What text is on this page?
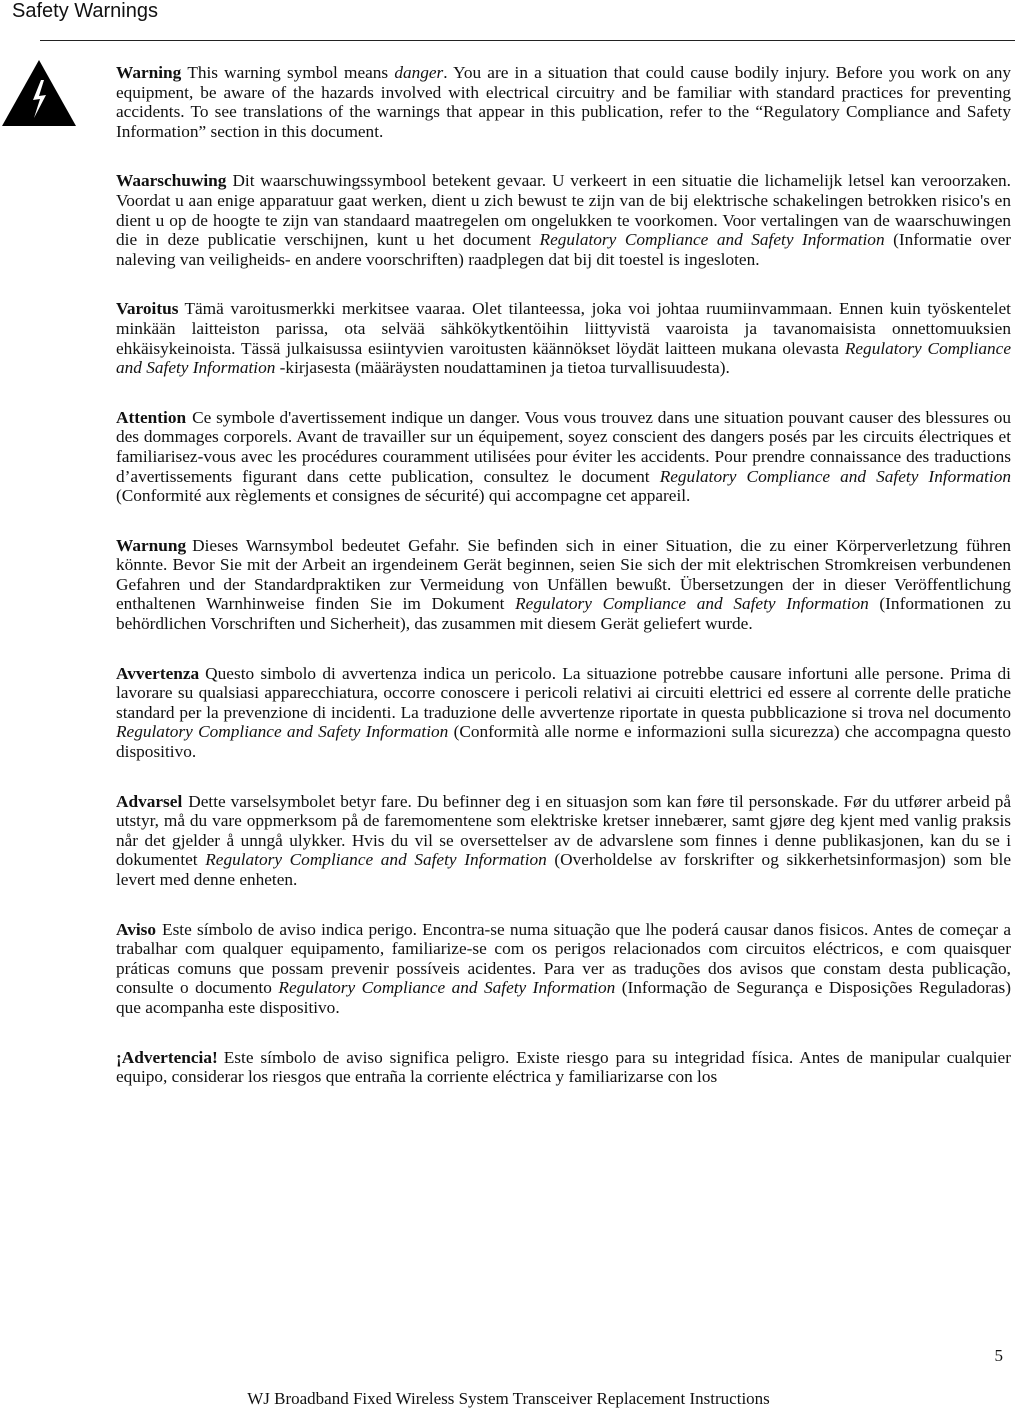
Safety Warnings

Warning This warning symbol means danger. You are in a situation that could cause bodily injury. Before you work on any equipment, be aware of the hazards involved with electrical circuitry and be familiar with standard practices for preventing accidents. To see translations of the warnings that appear in this publication, refer to the “Regulatory Compliance and Safety Information” section in this document.

Waarschuwing Dit waarschuwingssymbool betekent gevaar. U verkeert in een situatie die lichamelijk letsel kan veroorzaken. Voordat u aan enige apparatuur gaat werken, dient u zich bewust te zijn van de bij elektrische schakelingen betrokken risico's en dient u op de hoogte te zijn van standaard maatregelen om ongelukken te voorkomen. Voor vertalingen van de waarschuwingen die in deze publicatie verschijnen, kunt u het document Regulatory Compliance and Safety Information (Informatie over naleving van veiligheids- en andere voorschriften) raadplegen dat bij dit toestel is ingesloten.

Varoitus Tämä varoitusmerkki merkitsee vaaraa. Olet tilanteessa, joka voi johtaa ruumiinvammaan. Ennen kuin työskentelet minkään laitteiston parissa, ota selvää sähkökytkentöihin liittyvistä vaaroista ja tavanomaisista onnettomuuksien ehkäisykeinoista. Tässä julkaisussa esiintyvien varoitusten käännökset löydät laitteen mukana olevasta Regulatory Compliance and Safety Information -kirjasesta (määräysten noudattaminen ja tietoa turvallisuudesta).

Attention Ce symbole d'avertissement indique un danger. Vous vous trouvez dans une situation pouvant causer des blessures ou des dommages corporels. Avant de travailler sur un équipement, soyez conscient des dangers posés par les circuits électriques et familiarisez-vous avec les procédures couramment utilisées pour éviter les accidents. Pour prendre connaissance des traductions d’avertissements figurant dans cette publication, consultez le document Regulatory Compliance and Safety Information (Conformité aux règlements et consignes de sécurité) qui accompagne cet appareil.

Warnung Dieses Warnsymbol bedeutet Gefahr. Sie befinden sich in einer Situation, die zu einer Körperverletzung führen könnte. Bevor Sie mit der Arbeit an irgendeinem Gerät beginnen, seien Sie sich der mit elektrischen Stromkreisen verbundenen Gefahren und der Standardpraktiken zur Vermeidung von Unfällen bewußt. Übersetzungen der in dieser Veröffentlichung enthaltenen Warnhinweise finden Sie im Dokument Regulatory Compliance and Safety Information (Informationen zu behördlichen Vorschriften und Sicherheit), das zusammen mit diesem Gerät geliefert wurde.

Avvertenza Questo simbolo di avvertenza indica un pericolo. La situazione potrebbe causare infortuni alle persone. Prima di lavorare su qualsiasi apparecchiatura, occorre conoscere i pericoli relativi ai circuiti elettrici ed essere al corrente delle pratiche standard per la prevenzione di incidenti. La traduzione delle avvertenze riportate in questa pubblicazione si trova nel documento Regulatory Compliance and Safety Information (Conformità alle norme e informazioni sulla sicurezza) che accompagna questo dispositivo.

Advarsel Dette varselsymbolet betyr fare. Du befinner deg i en situasjon som kan føre til personskade. Før du utfører arbeid på utstyr, må du vare oppmerksom på de faremomentene som elektriske kretser innebærer, samt gjøre deg kjent med vanlig praksis når det gjelder å unngå ulykker. Hvis du vil se oversettelser av de advarslene som finnes i denne publikasjonen, kan du se i dokumentet Regulatory Compliance and Safety Information (Overholdelse av forskrifter og sikkerhetsinformasjon) som ble levert med denne enheten.

Aviso Este símbolo de aviso indica perigo. Encontra-se numa situação que lhe poderá causar danos fisicos. Antes de começar a trabalhar com qualquer equipamento, familiarize-se com os perigos relacionados com circuitos eléctricos, e com quaisquer práticas comuns que possam prevenir possíveis acidentes. Para ver as traduções dos avisos que constam desta publicação, consulte o documento Regulatory Compliance and Safety Information (Informação de Segurança e Disposições Reguladoras) que acompanha este dispositivo.

¡Advertencia! Este símbolo de aviso significa peligro. Existe riesgo para su integridad física. Antes de manipular cualquier equipo, considerar los riesgos que entraña la corriente eléctrica y familiarizarse con los

5
WJ Broadband Fixed Wireless System Transceiver Replacement Instructions
